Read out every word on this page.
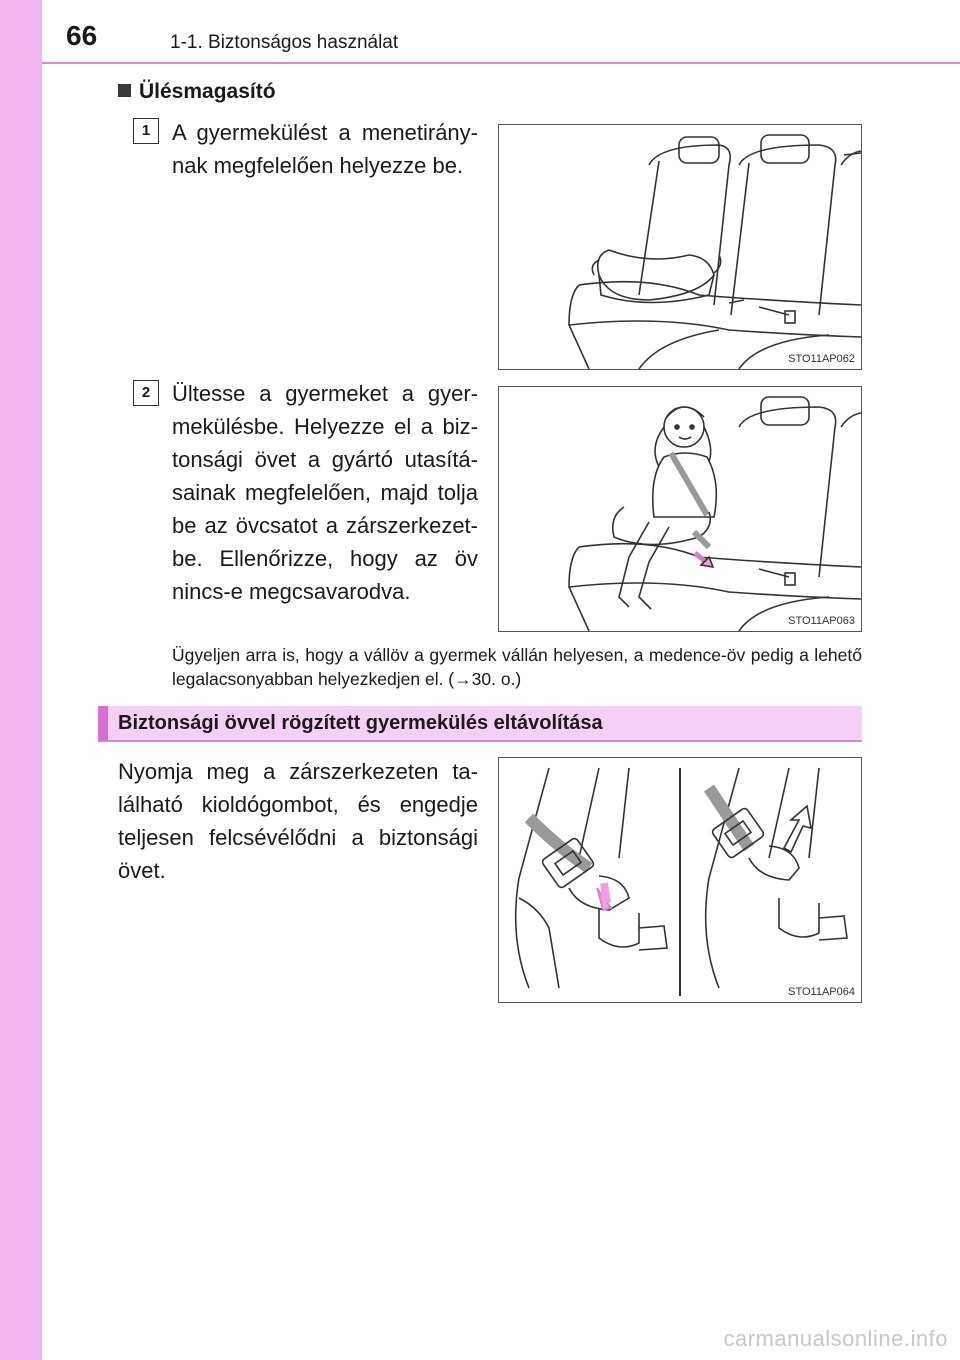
66	1-1. Biztonságos használat
Ülésmagasító
1 A gyermekülést a menetirány-nak megfelelően helyezze be.
STO11AP062
2 Ültesse a gyermeket a gyer-mekülésbe. Helyezze el a biz-tonsági övet a gyártó utasítá-sainak megfelelően, majd tolja be az övcsatot a zárszerkezet-be. Ellenőrizze, hogy az öv nincs-e megcsavarodva.
STO11AP063
Ügyeljen arra is, hogy a vállöv a gyermek vállán helyesen, a medence-öv pedig a lehető legalacsonyabban helyezkedjen el. (→30. o.)
Biztonsági övvel rögzített gyermekülés eltávolítása
Nyomja meg a zárszerkezeten ta-lálható kioldógombot, és engedje teljesen felcsévélődni a biztonsági övet.
STO11AP064
carmanualsonline.info
